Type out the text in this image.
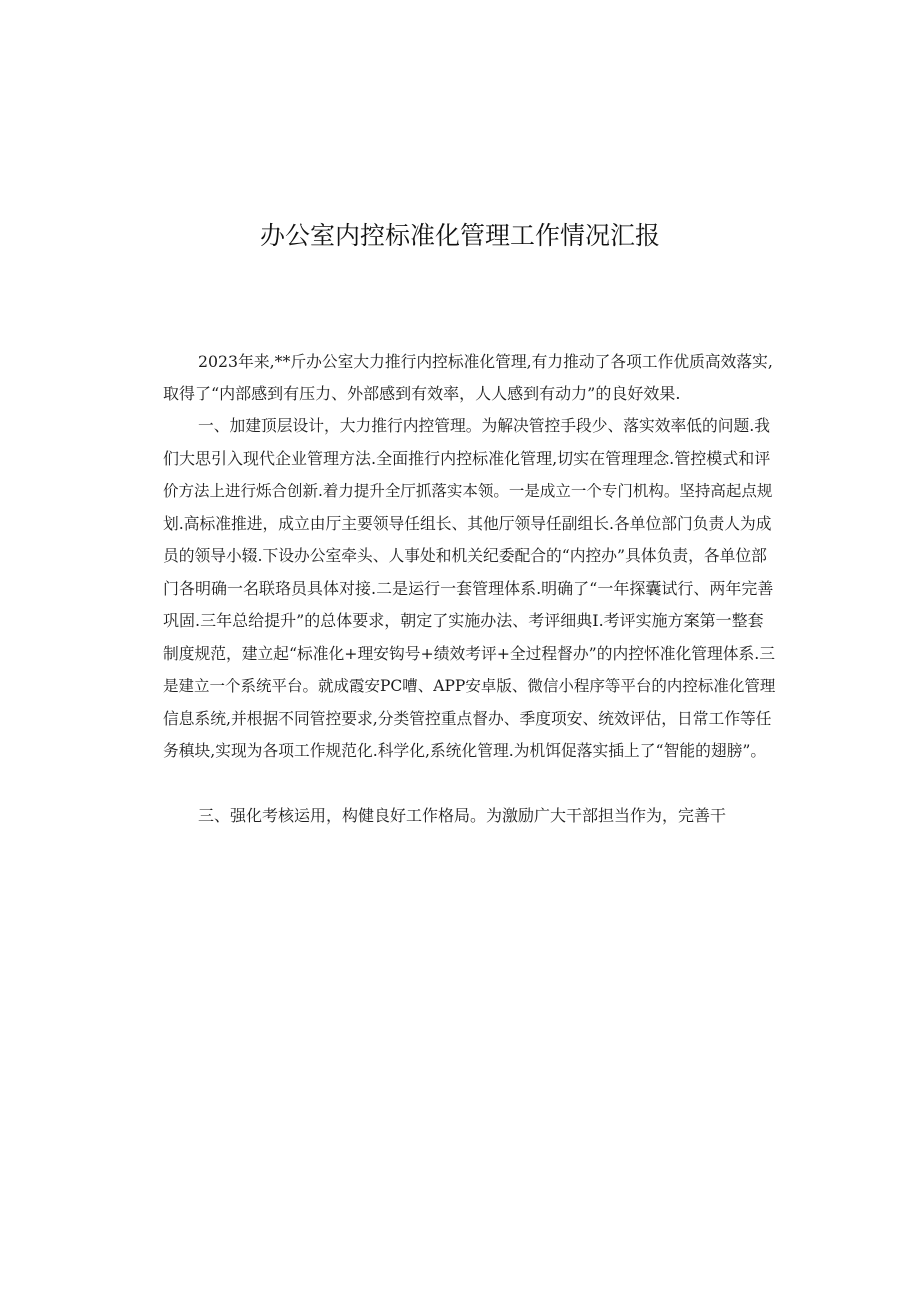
办公室内控标准化管理工作情况汇报

2023年来,**斤办公室大力推行内控标准化管理,有力推动了各项工作优质高效落实,

取得了“内部感到有压力、外部感到有效率，人人感到有动力”的良好效果.

一、加建顶层设计，大力推行内控管理。为解决管控手段少、落实效率低的问题.我

们大思引入现代企业管理方法.全面推行内控标准化管理,切实在管理理念.管控模式和评

价方法上进行烁合创新.着力提升全厅抓落实本领。一是成立一个专门机构。坚持高起点规

划.高标准推进，成立由厅主要领导任组长、其他厅领导任副组长.各单位部门负责人为成

员的领导小辍.下设办公室牵头、人事处和机关纪委配合的“内控办”具体负责，各单位部

门各明确一名联珞员具体对接.二是运行一套管理体系.明确了“一年探囊试行、两年完善

巩固.三年总给提升”的总体要求，朝定了实施办法、考评细典I.考评实施方案第一整套

制度规范，建立起“标准化+理安钩号+绩效考评+全过程督办”的内控怀准化管理体系.三

是建立一个系统平台。就成霞安PC嘈、APP安卓版、微信小程序等平台的内控标准化管理

信息系统,并根据不同管控要求,分类管控重点督办、季度项安、统效评估，日常工作等任

务稹块,实现为各项工作规范化.科学化,系统化管理.为机饵促落实插上了“智能的翅膀”。

三、强化考核运用，构健良好工作格局。为激励广大干部担当作为，完善干
